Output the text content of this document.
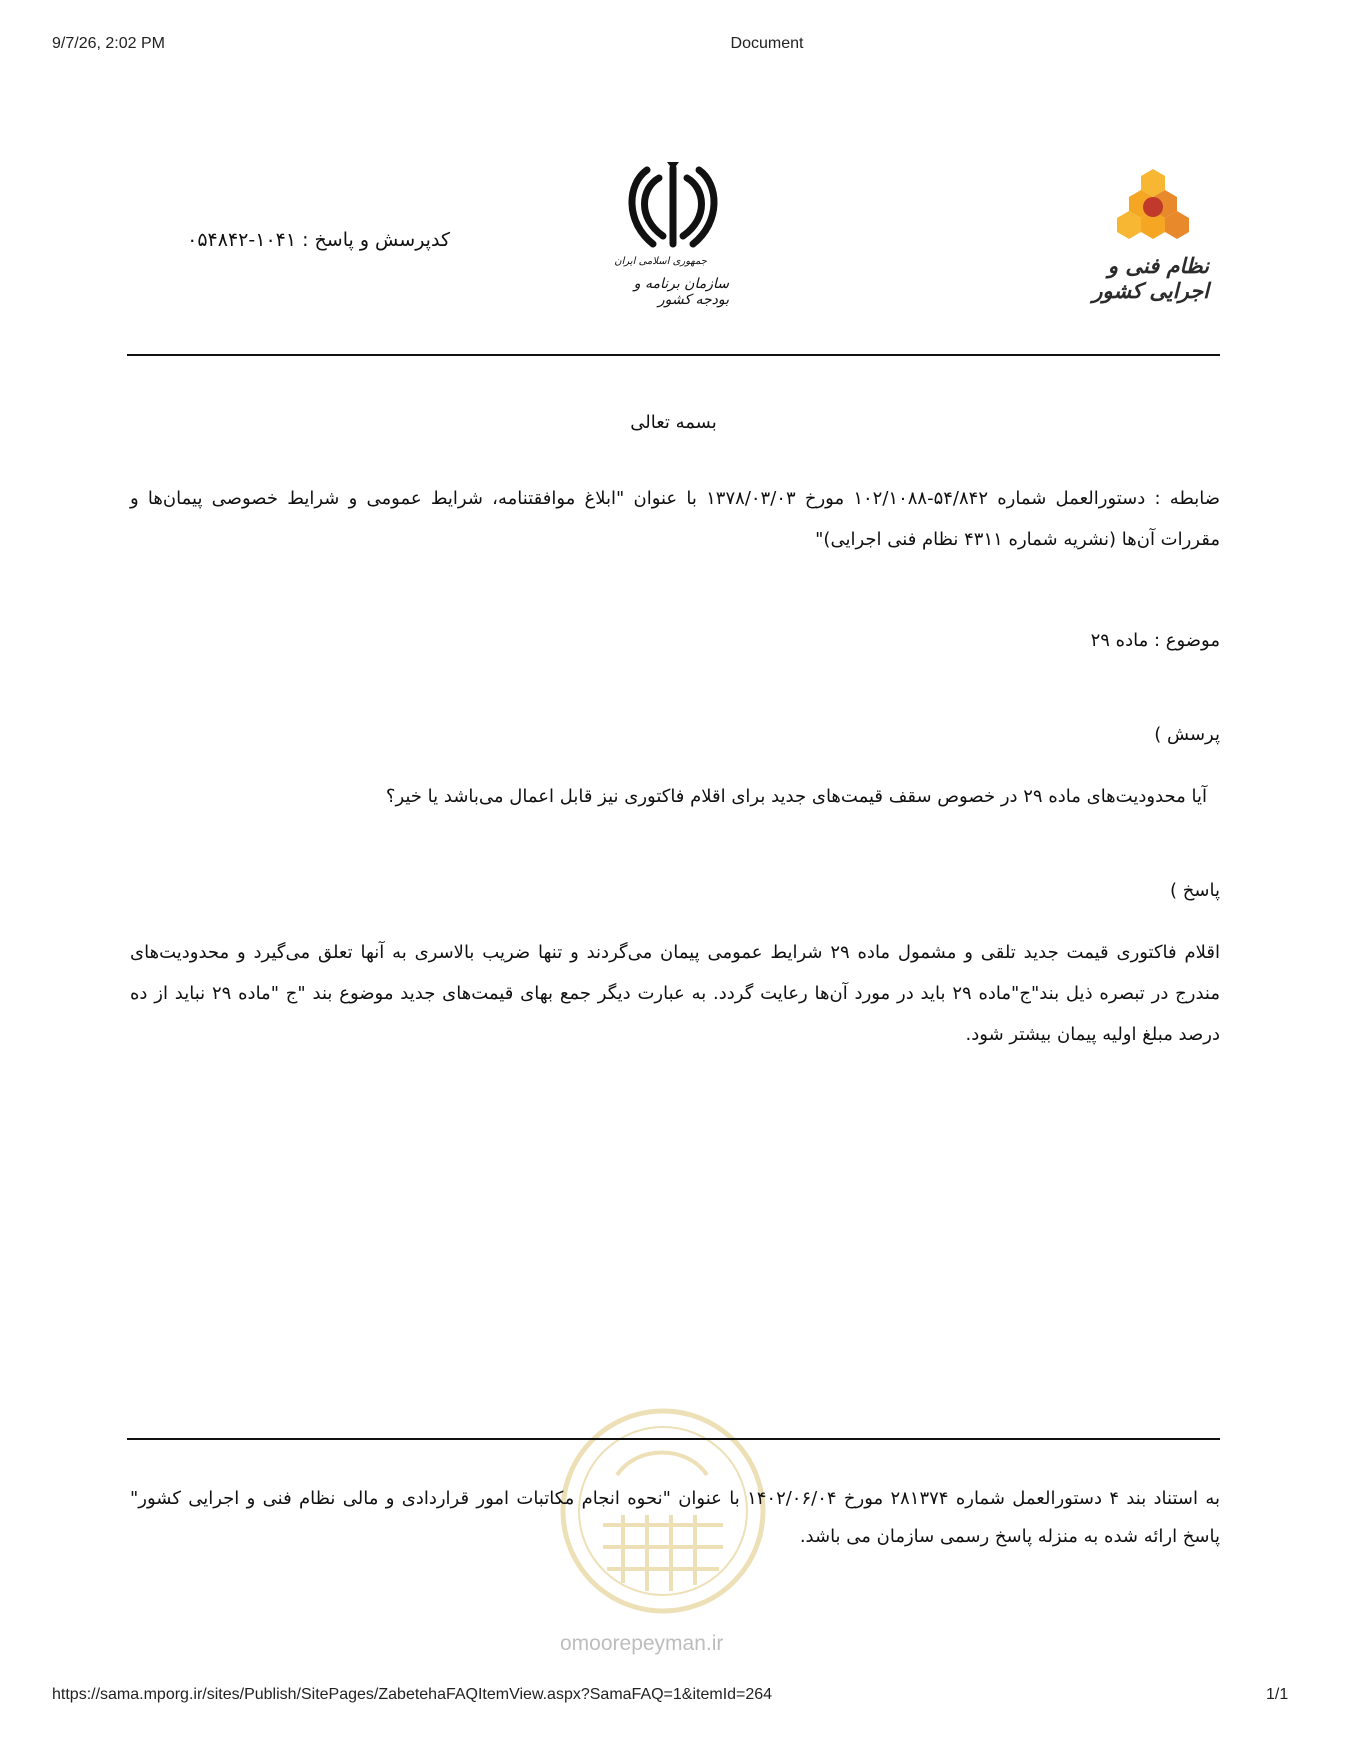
9/7/26, 2:02 PM	Document
کدپرسش و پاسخ : ۱۰۴۱-۰۵۴۸۴۲
جمهوری اسلامی ایران
سازمان برنامه و بودجه کشور
نظام فنی و اجرایی کشور
بسمه تعالی
ضابطه : دستورالعمل شماره ۵۴/۸۴۲-۱۰۲/۱۰۸۸ مورخ ۱۳۷۸/۰۳/۰۳ با عنوان "ابلاغ موافقتنامه، شرایط عمومی و شرایط خصوصی پیمان‌ها و مقررات آن‌ها (نشریه شماره ۴۳۱۱ نظام فنی اجرایی)"
موضوع : ماده ۲۹
پرسش )
آیا محدودیت‌های ماده ۲۹ در خصوص سقف قیمت‌های جدید برای اقلام فاکتوری نیز قابل اعمال می‌باشد یا خیر؟
پاسخ )
اقلام فاکتوری قیمت جدید تلقی و مشمول ماده ۲۹ شرایط عمومی پیمان می‌گردند و تنها ضریب بالاسری به آنها تعلق می‌گیرد و محدودیت‌های مندرج در تبصره ذیل بند"ج"ماده ۲۹ باید در مورد آن‌ها رعایت گردد. به عبارت دیگر جمع بهای قیمت‌های جدید موضوع بند "ج "ماده ۲۹ نباید از ده درصد مبلغ اولیه پیمان بیشتر شود.
omoorepeyman.ir
به استناد بند ۴ دستورالعمل شماره ۲۸۱۳۷۴ مورخ ۱۴۰۲/۰۶/۰۴ با عنوان "نحوه انجام مکاتبات امور قراردادی و مالی نظام فنی و اجرایی کشور" پاسخ ارائه شده به منزله پاسخ رسمی سازمان می باشد.
https://sama.mporg.ir/sites/Publish/SitePages/ZabetehaFAQItemView.aspx?SamaFAQ=1&itemId=264	1/1
